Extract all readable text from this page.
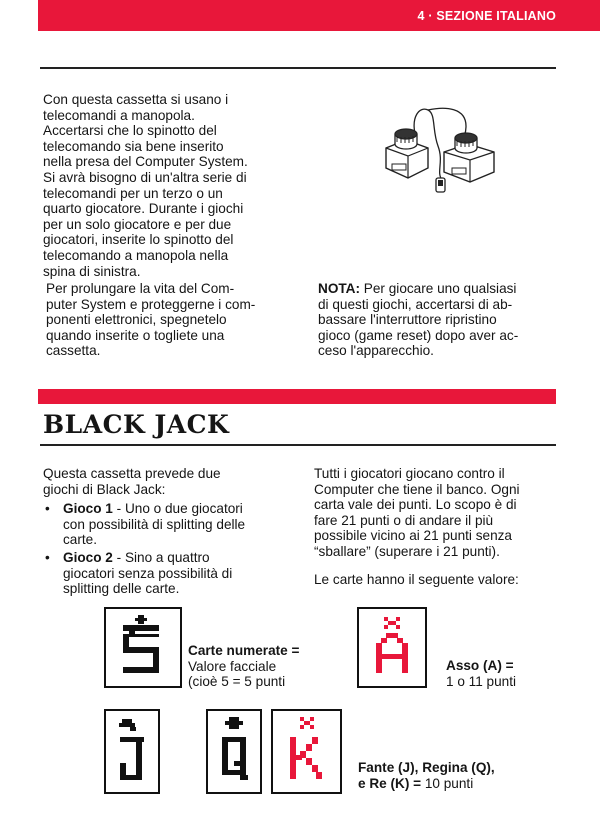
4 · SEZIONE ITALIANO
Con questa cassetta si usano i
telecomandi a manopola.
Accertarsi che lo spinotto del
telecomando sia bene inserito
nella presa del Computer System.
Si avrà bisogno di un'altra serie di
telecomandi per un terzo o un
quarto giocatore. Durante i giochi
per un solo giocatore e per due
giocatori, inserite lo spinotto del
telecomando a manopola nella
spina di sinistra.
Per prolungare la vita del Com-
puter System e proteggerne i com-
ponenti elettronici, spegnetelo
quando inserite o togliete una
cassetta.
NOTA: Per giocare uno qualsiasi
di questi giochi, accertarsi di ab-
bassare l'interruttore ripristino
gioco (game reset) dopo aver ac-
ceso l'apparecchio.
BLACK JACK
Questa cassetta prevede due
giochi di Black Jack:
• Gioco 1 - Uno o due giocatori
con possibilità di splitting delle
carte.
• Gioco 2 - Sino a quattro
giocatori senza possibilità di
splitting delle carte.
Tutti i giocatori giocano contro il
Computer che tiene il banco. Ogni
carta vale dei punti. Lo scopo è di
fare 21 punti o di andare il più
possibile vicino ai 21 punti senza
“sballare” (superare i 21 punti).
Le carte hanno il seguente valore:
Carte numerate =
Valore facciale
(cioè 5 = 5 punti
Asso (A) =
1 o 11 punti
Fante (J), Regina (Q),
e Re (K) = 10 punti
